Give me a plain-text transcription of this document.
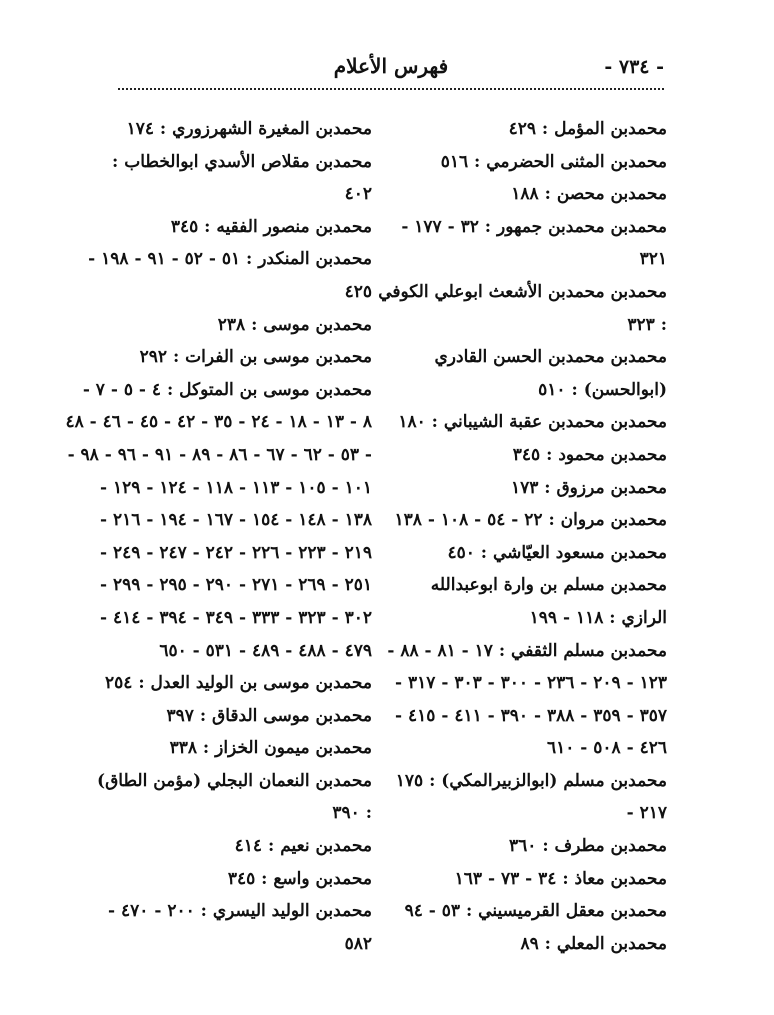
- ٧٣٤ -
فهرس الأعلام
محمدبن المؤمل : ٤٢٩
محمدبن المثنى الحضرمي : ٥١٦
محمدبن محصن : ١٨٨
محمدبن محمدبن جمهور : ٣٢ - ١٧٧ -
٣٢١
محمدبن محمدبن الأشعث ابوعلي الكوفي
: ٣٢٣
محمدبن محمدبن الحسن القادري
(ابوالحسن) : ٥١٠
محمدبن محمدبن عقبة الشيباني : ١٨٠
محمدبن محمود : ٣٤٥
محمدبن مرزوق : ١٧٣
محمدبن مروان : ٢٢ - ٥٤ - ١٠٨ - ١٣٨
محمدبن مسعود العيّاشي : ٤٥٠
محمدبن مسلم بن وارة ابوعبدالله
الرازي : ١١٨ - ١٩٩
محمدبن مسلم الثقفي : ١٧ - ٨١ - ٨٨ -
١٢٣ - ٢٠٩ - ٢٣٦ - ٣٠٠ - ٣٠٣ - ٣١٧ -
٣٥٧ - ٣٥٩ - ٣٨٨ - ٣٩٠ - ٤١١ - ٤١٥ -
٤٢٦ - ٥٠٨ - ٦١٠
محمدبن مسلم (ابوالزبيرالمكي) : ١٧٥
٢١٧ -
محمدبن مطرف : ٣٦٠
محمدبن معاذ : ٣٤ - ٧٣ - ١٦٣
محمدبن معقل القرميسيني : ٥٣ - ٩٤
محمدبن المعلي : ٨٩
محمدبن المغيرة الشهرزوري : ١٧٤
محمدبن مقلاص الأسدي ابوالخطاب :
٤٠٢
محمدبن منصور الفقيه : ٣٤٥
محمدبن المنكدر : ٥١ - ٥٢ - ٩١ - ١٩٨ -
٤٢٥
محمدبن موسى : ٢٣٨
محمدبن موسى بن الفرات : ٢٩٢
محمدبن موسى بن المتوكل : ٤ - ٥ - ٧ -
٨ - ١٣ - ١٨ - ٢٤ - ٣٥ - ٤٢ - ٤٥ - ٤٦ - ٤٨
- ٥٣ - ٦٢ - ٦٧ - ٨٦ - ٨٩ - ٩١ - ٩٦ - ٩٨ -
١٠١ - ١٠٥ - ١١٣ - ١١٨ - ١٢٤ - ١٢٩ -
١٣٨ - ١٤٨ - ١٥٤ - ١٦٧ - ١٩٤ - ٢١٦ -
٢١٩ - ٢٢٣ - ٢٢٦ - ٢٤٢ - ٢٤٧ - ٢٤٩ -
٢٥١ - ٢٦٩ - ٢٧١ - ٢٩٠ - ٢٩٥ - ٢٩٩ -
٣٠٢ - ٣٢٣ - ٣٣٣ - ٣٤٩ - ٣٩٤ - ٤١٤ -
٤٧٩ - ٤٨٨ - ٤٨٩ - ٥٣١ - ٦٥٠
محمدبن موسى بن الوليد العدل : ٢٥٤
محمدبن موسى الدقاق : ٣٩٧
محمدبن ميمون الخزاز : ٣٣٨
محمدبن النعمان البجلي (مؤمن الطاق)
: ٣٩٠
محمدبن نعيم : ٤١٤
محمدبن واسع : ٣٤٥
محمدبن الوليد اليسري : ٢٠٠ - ٤٧٠ -
٥٨٢
